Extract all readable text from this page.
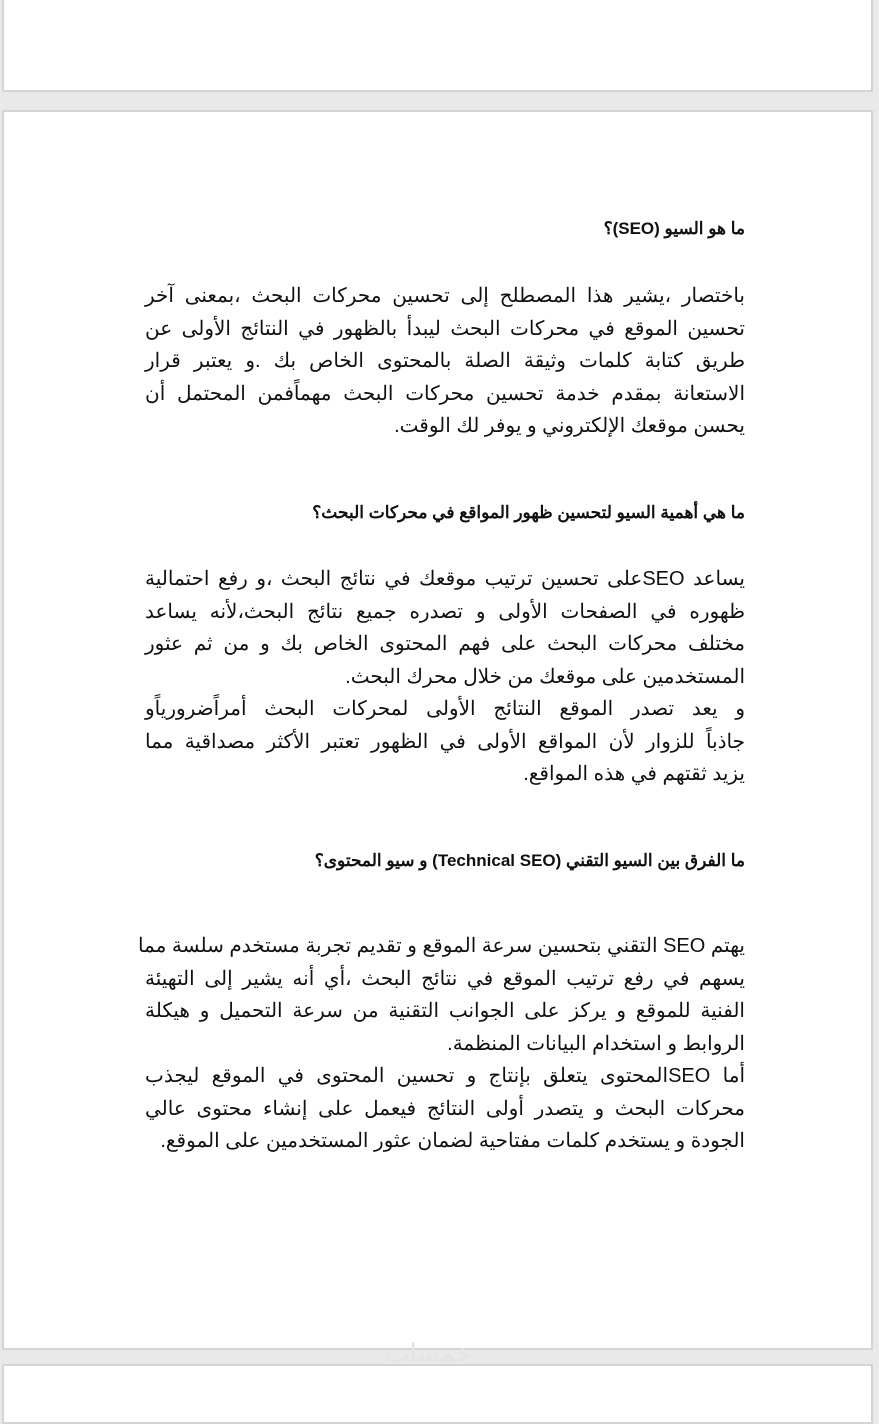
ما هو السيو (SEO)؟
باختصار ،يشير هذا المصطلح إلى تحسين محركات البحث ،بمعنى آخر
تحسين الموقع في محركات البحث ليبدأ بالظهور في النتائج الأولى عن
طريق كتابة كلمات وثيقة الصلة بالمحتوى الخاص بك .و يعتبر قرار
الاستعانة بمقدم خدمة تحسين محركات البحث مهماًفمن المحتمل أن
يحسن موقعك الإلكتروني و يوفر لك الوقت.
ما هي أهمية السيو لتحسين ظهور المواقع في محركات البحث؟
يساعد SEOعلى تحسين ترتيب موقعك في نتائج البحث ،و رفع احتمالية
ظهوره في الصفحات الأولى و تصدره جميع نتائج البحث،لأنه يساعد
مختلف محركات البحث على فهم المحتوى الخاص بك و من ثم عثور
المستخدمين على موقعك من خلال محرك البحث.
و يعد تصدر الموقع النتائج الأولى لمحركات البحث أمراًضرورياًو
جاذباً للزوار لأن المواقع الأولى في الظهور تعتبر الأكثر مصداقية مما
يزيد ثقتهم في هذه المواقع.
ما الفرق بين السيو التقني (Technical SEO) و سيو المحتوى؟
يهتم SEO التقني بتحسين سرعة الموقع و تقديم تجربة مستخدم سلسة مما
يسهم في رفع ترتيب الموقع في نتائج البحث ،أي أنه يشير إلى التهيئة
الفنية للموقع و يركز على الجوانب التقنية من سرعة التحميل و هيكلة
الروابط و استخدام البيانات المنظمة.
أما SEOالمحتوى يتعلق بإنتاج و تحسين المحتوى في الموقع ليجذب
محركات البحث و يتصدر أولى النتائج فيعمل على إنشاء محتوى عالي
الجودة و يستخدم كلمات مفتاحية لضمان عثور المستخدمين على الموقع.
خمسات
